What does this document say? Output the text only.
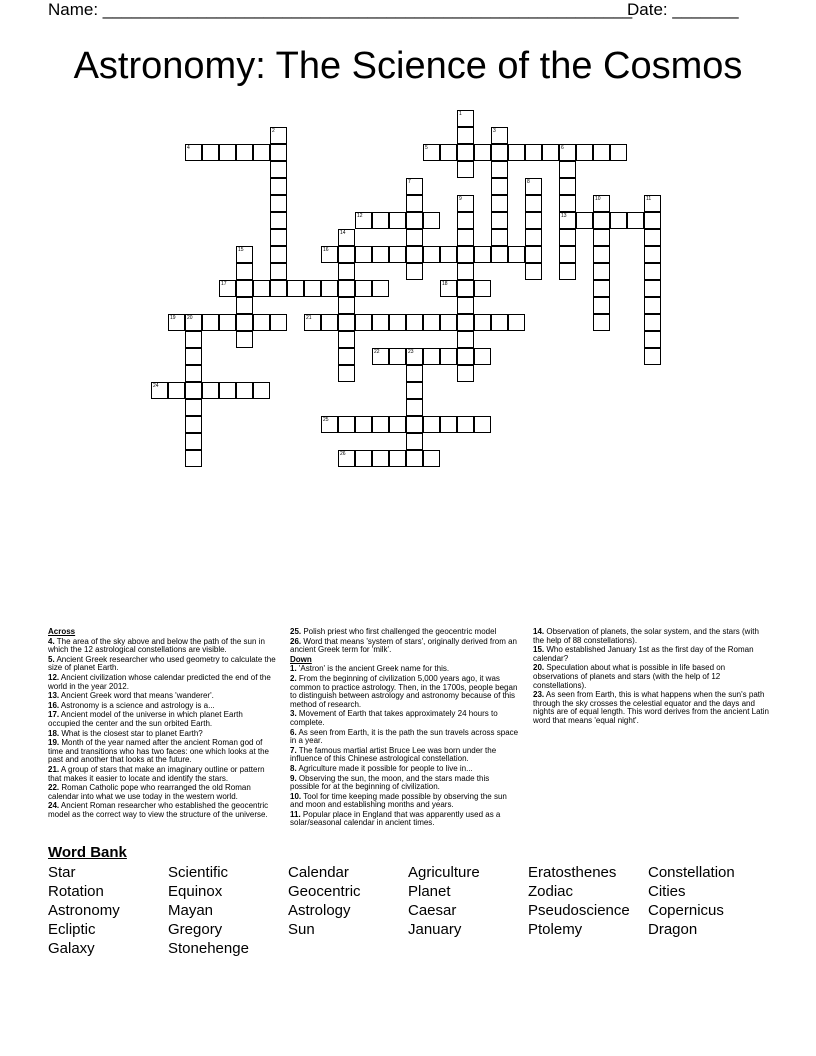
Name: ________________________________________________________
Date: _______
Astronomy: The Science of the Cosmos
1
2	3
4	5	6
13
7	8
9	10	11
12
14
15	16
17	18
19 20	21
22	23
24
25
26
Across
4. The area of the sky above and below the path of the sun in which the 12 astrological constellations are visible.
5. Ancient Greek researcher who used geometry to calculate the size of planet Earth.
12. Ancient civilization whose calendar predicted the end of the world in the year 2012.
13. Ancient Greek word that means 'wanderer'.
16. Astronomy is a science and astrology is a...
17. Ancient model of the universe in which planet Earth occupied the center and the sun orbited Earth.
18. What is the closest star to planet Earth?
19. Month of the year named after the ancient Roman god of time and transitions who has two faces: one which looks at the past and another that looks at the future.
21. A group of stars that make an imaginary outline or pattern that makes it easier to locate and identify the stars.
22. Roman Catholic pope who rearranged the old Roman calendar into what we use today in the western world.
24. Ancient Roman researcher who established the geocentric model as the correct way to view the structure of the universe.
25. Polish priest who first challenged the geocentric model
26. Word that means 'system of stars', originally derived from an ancient Greek term for 'milk'.
Down
1. 'Astron' is the ancient Greek name for this.
2. From the beginning of civilization 5,000 years ago, it was common to practice astrology. Then, in the 1700s, people began to distinguish between astrology and astronomy because of this method of research.
3. Movement of Earth that takes approximately 24 hours to complete.
6. As seen from Earth, it is the path the sun travels across space in a year.
7. The famous martial artist Bruce Lee was born under the influence of this Chinese astrological constellation.
8. Agriculture made it possible for people to live in...
9. Observing the sun, the moon, and the stars made this possible for at the beginning of civilization.
10. Tool for time keeping made possible by observing the sun and moon and establishing months and years.
11. Popular place in England that was apparently used as a solar/seasonal calendar in ancient times.
14. Observation of planets, the solar system, and the stars (with the help of 88 constellations).
15. Who established January 1st as the first day of the Roman calendar?
20. Speculation about what is possible in life based on observations of planets and stars (with the help of 12 constellations).
23. As seen from Earth, this is what happens when the sun's path through the sky crosses the celestial equator and the days and nights are of equal length. This word derives from the ancient Latin word that means 'equal night'.
Word Bank
Star	Scientific	Calendar	Agriculture	Eratosthenes	Constellation
Rotation	Equinox	Geocentric	Planet	Zodiac	Cities
Astronomy	Mayan	Astrology	Caesar	Pseudoscience	Copernicus
Ecliptic	Gregory	Sun	January	Ptolemy	Dragon
Galaxy	Stonehenge
